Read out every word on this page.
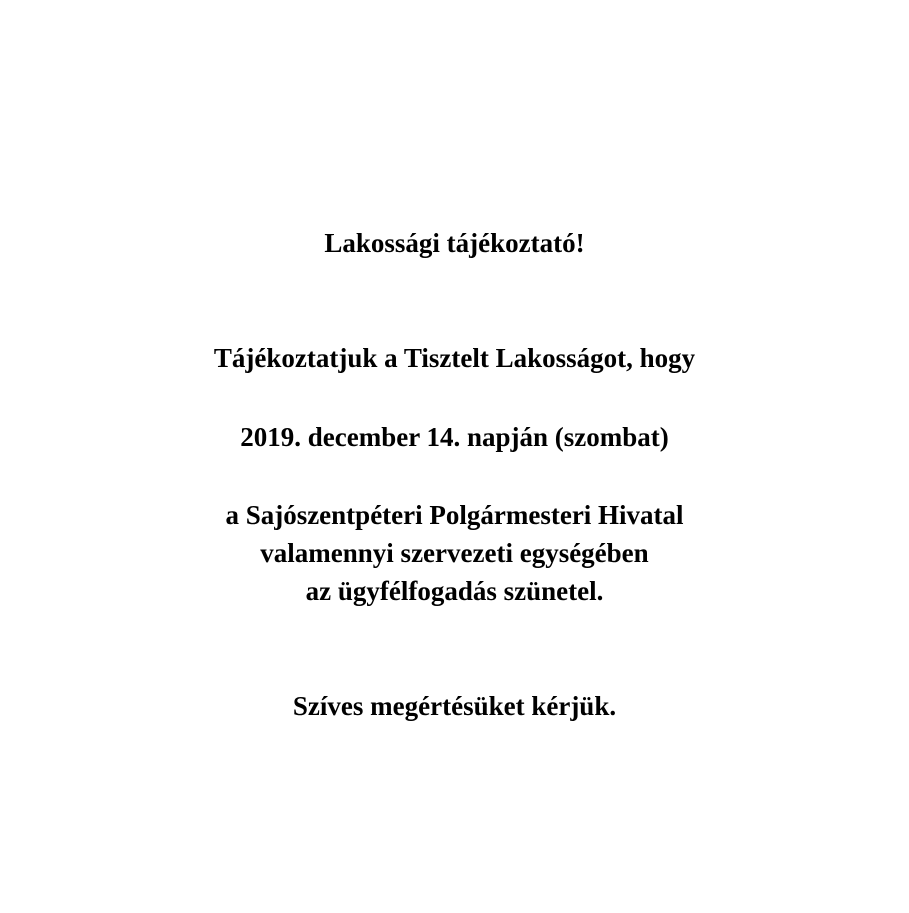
Lakossági tájékoztató!
Tájékoztatjuk a Tisztelt Lakosságot, hogy
2019. december 14. napján (szombat)
a Sajószentpéteri Polgármesteri Hivatal
valamennyi szervezeti egységében
az ügyfélfogadás szünetel.
Szíves megértésüket kérjük.
